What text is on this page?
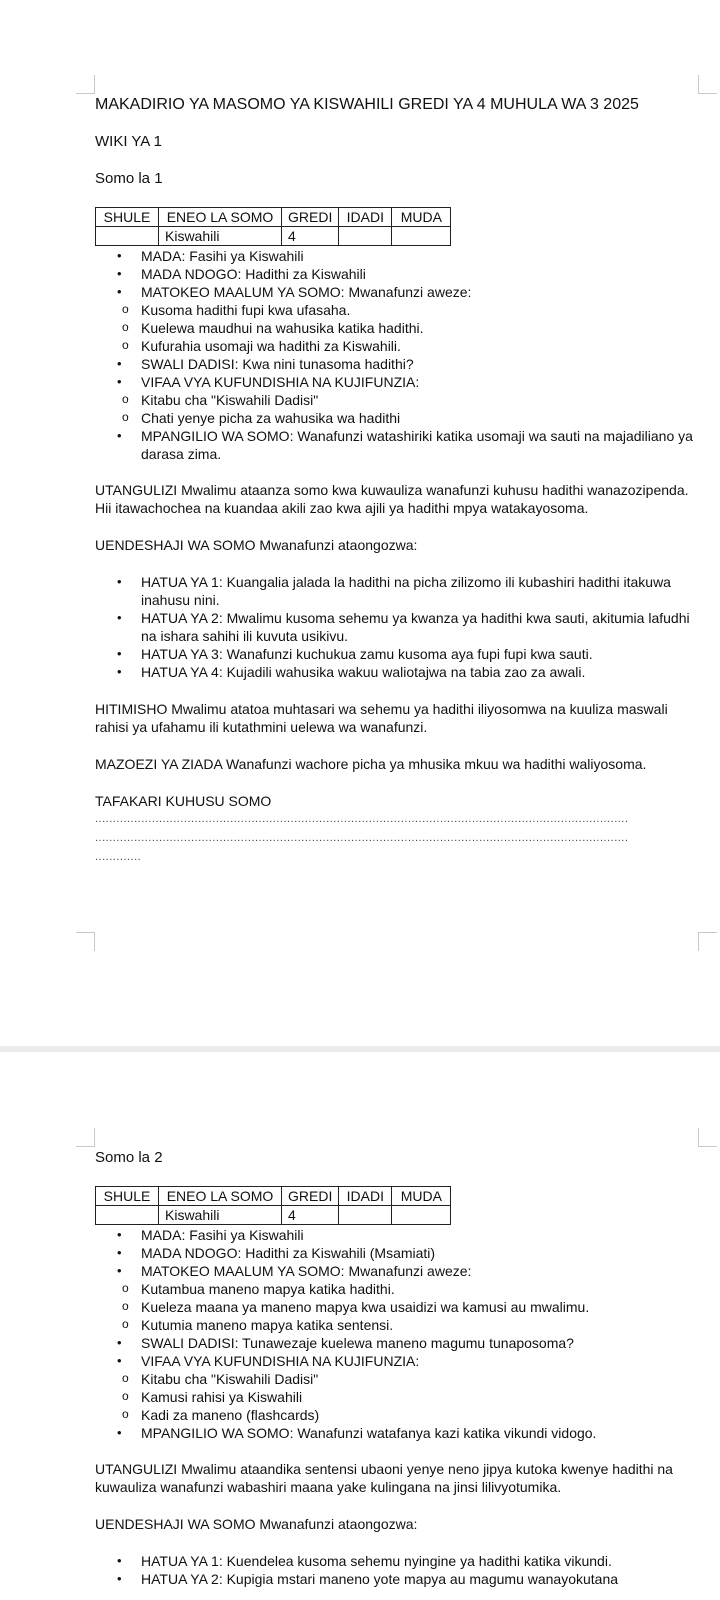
MAKADIRIO YA MASOMO YA KISWAHILI GREDI YA 4 MUHULA WA 3 2025

WIKI YA 1

Somo la 1

SHULE	ENEO LA SOMO	GREDI	IDADI	MUDA
	Kiswahili	4		
• MADA: Fasihi ya Kiswahili
• MADA NDOGO: Hadithi za Kiswahili
• MATOKEO MAALUM YA SOMO: Mwanafunzi aweze:
o Kusoma hadithi fupi kwa ufasaha.
o Kuelewa maudhui na wahusika katika hadithi.
o Kufurahia usomaji wa hadithi za Kiswahili.
• SWALI DADISI: Kwa nini tunasoma hadithi?
• VIFAA VYA KUFUNDISHIA NA KUJIFUNZIA:
o Kitabu cha "Kiswahili Dadisi"
o Chati yenye picha za wahusika wa hadithi
• MPANGILIO WA SOMO: Wanafunzi watashiriki katika usomaji wa sauti na majadiliano ya darasa zima.

UTANGULIZI Mwalimu ataanza somo kwa kuwauliza wanafunzi kuhusu hadithi wanazozipenda. Hii itawachochea na kuandaa akili zao kwa ajili ya hadithi mpya watakayosoma.

UENDESHAJI WA SOMO Mwanafunzi ataongozwa:

• HATUA YA 1: Kuangalia jalada la hadithi na picha zilizomo ili kubashiri hadithi itakuwa inahusu nini.
• HATUA YA 2: Mwalimu kusoma sehemu ya kwanza ya hadithi kwa sauti, akitumia lafudhi na ishara sahihi ili kuvuta usikivu.
• HATUA YA 3: Wanafunzi kuchukua zamu kusoma aya fupi fupi kwa sauti.
• HATUA YA 4: Kujadili wahusika wakuu waliotajwa na tabia zao za awali.

HITIMISHO Mwalimu atatoa muhtasari wa sehemu ya hadithi iliyosomwa na kuuliza maswali rahisi ya ufahamu ili kutathmini uelewa wa wanafunzi.

MAZOEZI YA ZIADA Wanafunzi wachore picha ya mhusika mkuu wa hadithi waliyosoma.

TAFAKARI KUHUSU SOMO

......................................................................................................................................................
......................................................................................................................................................
.............

Somo la 2

SHULE	ENEO LA SOMO	GREDI	IDADI	MUDA
	Kiswahili	4		
• MADA: Fasihi ya Kiswahili
• MADA NDOGO: Hadithi za Kiswahili (Msamiati)
• MATOKEO MAALUM YA SOMO: Mwanafunzi aweze:
o Kutambua maneno mapya katika hadithi.
o Kueleza maana ya maneno mapya kwa usaidizi wa kamusi au mwalimu.
o Kutumia maneno mapya katika sentensi.
• SWALI DADISI: Tunawezaje kuelewa maneno magumu tunaposoma?
• VIFAA VYA KUFUNDISHIA NA KUJIFUNZIA:
o Kitabu cha "Kiswahili Dadisi"
o Kamusi rahisi ya Kiswahili
o Kadi za maneno (flashcards)
• MPANGILIO WA SOMO: Wanafunzi watafanya kazi katika vikundi vidogo.

UTANGULIZI Mwalimu ataandika sentensi ubaoni yenye neno jipya kutoka kwenye hadithi na kuwauliza wanafunzi wabashiri maana yake kulingana na jinsi lilivyotumika.

UENDESHAJI WA SOMO Mwanafunzi ataongozwa:

• HATUA YA 1: Kuendelea kusoma sehemu nyingine ya hadithi katika vikundi.
• HATUA YA 2: Kupigia mstari maneno yote mapya au magumu wanayokutana
